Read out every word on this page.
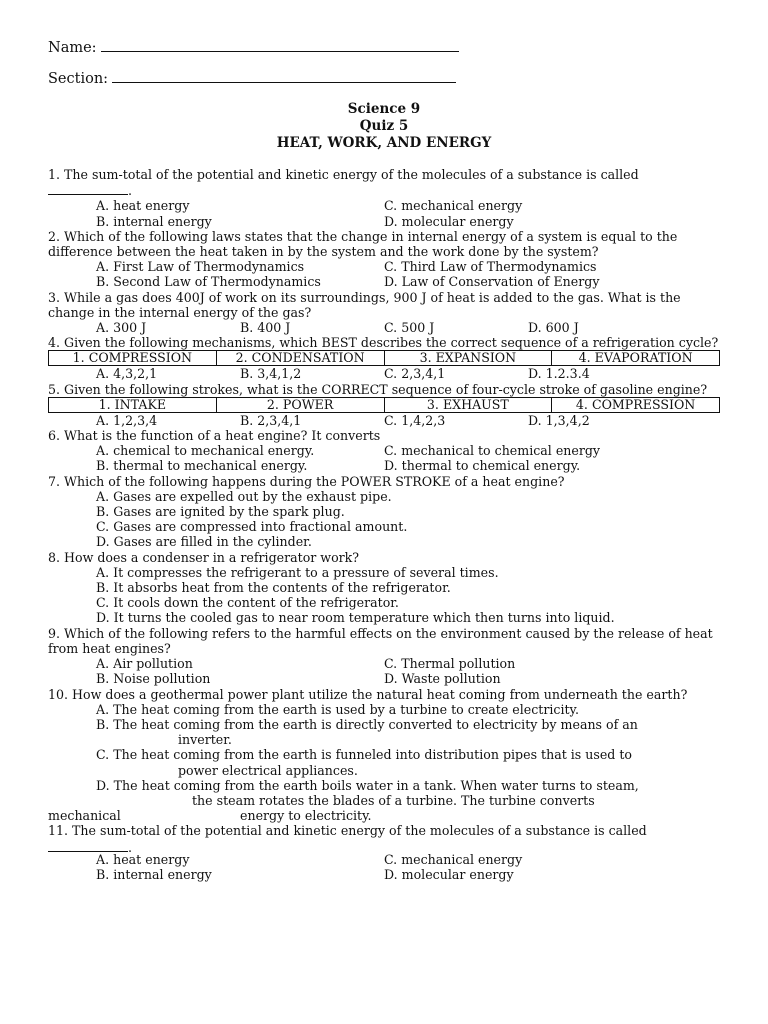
Name:
Section:
Science 9
Quiz 5
HEAT, WORK, AND ENERGY
1. The sum-total of the potential and kinetic energy of the molecules of a substance is called
.
A. heat energy	C. mechanical energy
B. internal energy	D. molecular energy
2. Which of the following laws states that the change in internal energy of a system is equal to the difference between the heat taken in by the system and the work done by the system?
A. First Law of Thermodynamics	C. Third Law of Thermodynamics
B. Second Law of Thermodynamics	D. Law of Conservation of Energy
3. While a gas does 400J of work on its surroundings, 900 J of heat is added to the gas. What is the change in the internal energy of the gas?
A. 300 J	B. 400 J	C. 500 J	D. 600 J
4. Given the following mechanisms, which BEST describes the correct sequence of a refrigeration cycle?
1. COMPRESSION	2. CONDENSATION	3. EXPANSION	4. EVAPORATION
A. 4,3,2,1	B. 3,4,1,2	C. 2,3,4,1	D. 1.2.3.4
5. Given the following strokes, what is the CORRECT sequence of four-cycle stroke of gasoline engine?
1. INTAKE	2. POWER	3. EXHAUST	4. COMPRESSION
A. 1,2,3,4	B. 2,3,4,1	C. 1,4,2,3	D. 1,3,4,2
6. What is the function of a heat engine? It converts
A. chemical to mechanical energy.	C. mechanical to chemical energy
B. thermal to mechanical energy.	D. thermal to chemical energy.
7. Which of the following happens during the POWER STROKE of a heat engine?
A. Gases are expelled out by the exhaust pipe.
B. Gases are ignited by the spark plug.
C. Gases are compressed into fractional amount.
D. Gases are filled in the cylinder.
8. How does a condenser in a refrigerator work?
A. It compresses the refrigerant to a pressure of several times.
B. It absorbs heat from the contents of the refrigerator.
C. It cools down the content of the refrigerator.
D. It turns the cooled gas to near room temperature which then turns into liquid.
9. Which of the following refers to the harmful effects on the environment caused by the release of heat from heat engines?
A. Air pollution	C. Thermal pollution
B. Noise pollution	D. Waste pollution
10. How does a geothermal power plant utilize the natural heat coming from underneath the earth?
A. The heat coming from the earth is used by a turbine to create electricity.
B. The heat coming from the earth is directly converted to electricity by means of an
inverter.
C. The heat coming from the earth is funneled into distribution pipes that is used to
power electrical appliances.
D. The heat coming from the earth boils water in a tank. When water turns to steam,
the steam rotates the blades of a turbine. The turbine converts
mechanical	energy to electricity.
11. The sum-total of the potential and kinetic energy of the molecules of a substance is called
.
A. heat energy	C. mechanical energy
B. internal energy	D. molecular energy
